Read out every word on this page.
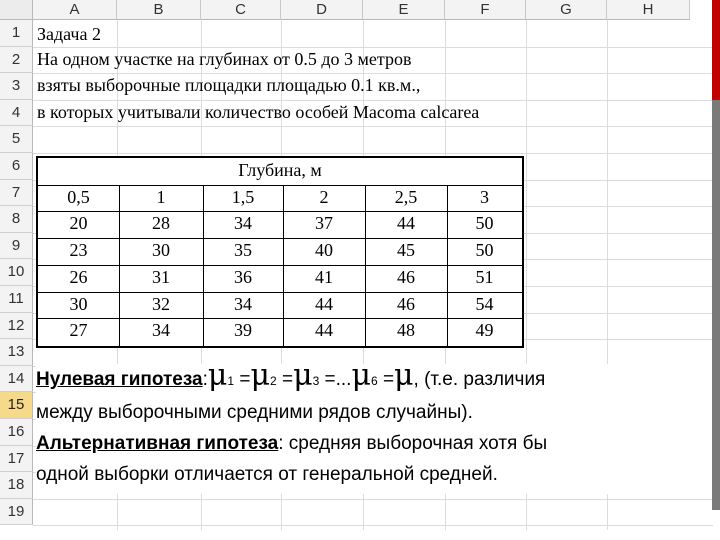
A	B	C	D	E	F	G	H
1
2
3
4
5
6
7
8
9
10
11
12
13
14
15
16
17
18
19
Задача 2
На одном участке на глубинах от 0.5 до 3 метров
взяты выборочные площадки площадью 0.1 кв.м.,
в которых учитывали количество особей Macoma calcarea
Глубина, м
0,5	1	1,5	2	2,5	3
20	28	34	37	44	50
23	30	35	40	45	50
26	31	36	41	46	51
30	32	34	44	46	54
27	34	39	44	48	49
Нулевая гипотеза:μ1 =μ2 =μ3 =...μ6 =μ, (т.е. различия
между выборочными средними рядов случайны).
Альтернативная гипотеза: средняя выборочная хотя бы
одной выборки отличается от генеральной средней.
